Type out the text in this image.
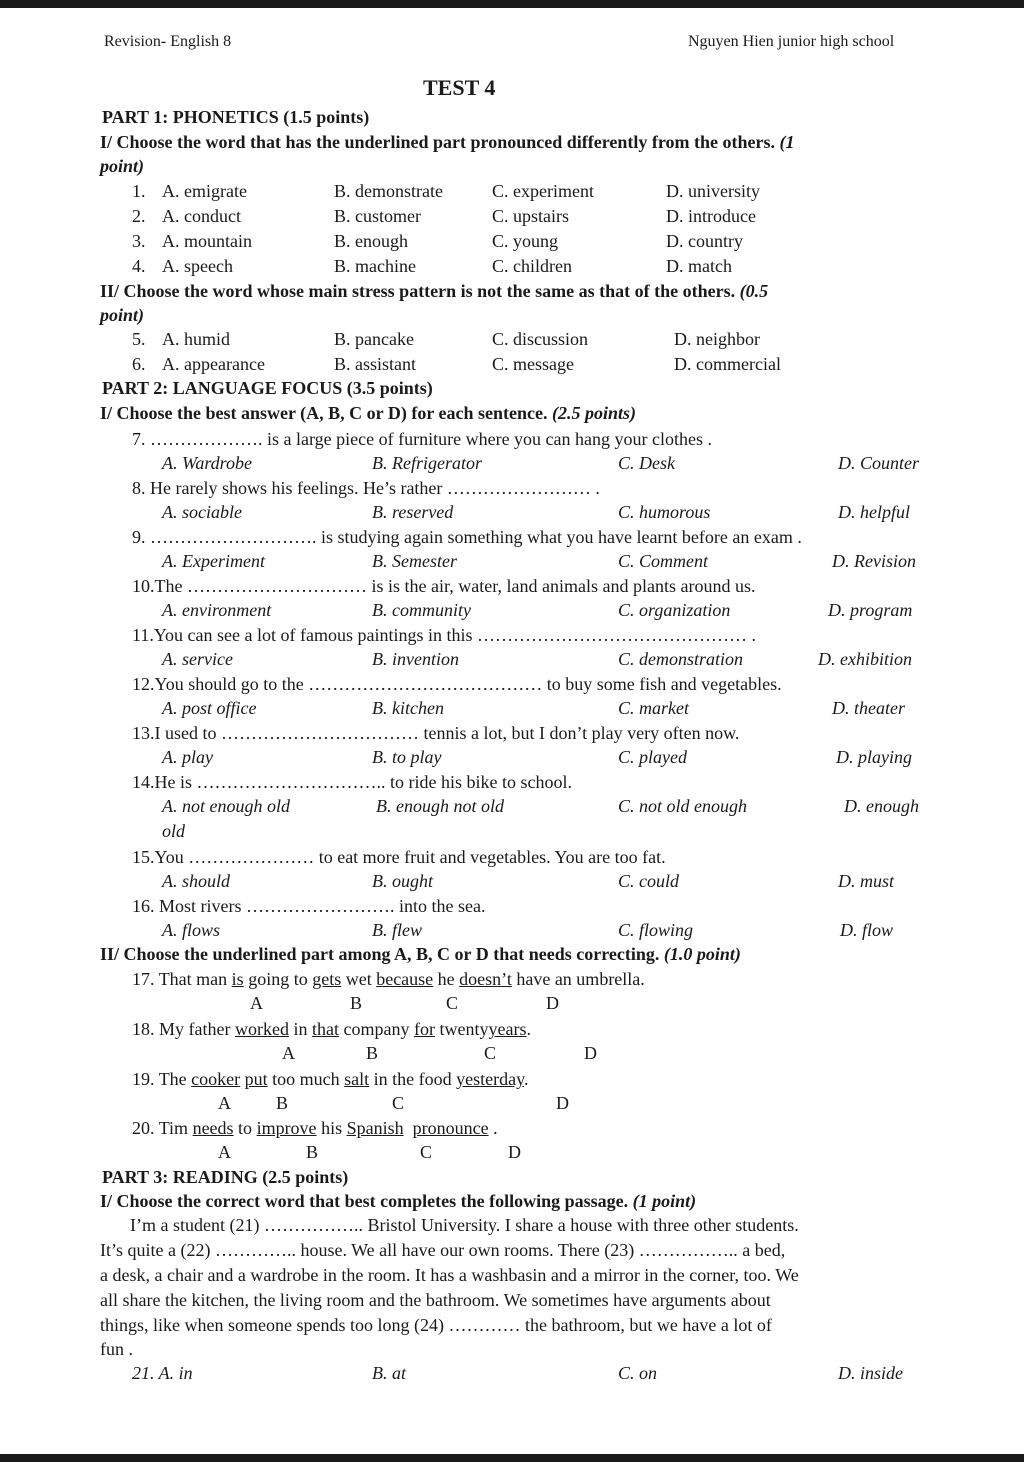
Revision- English 8	Nguyen Hien junior high school
TEST 4
PART 1: PHONETICS (1.5 points)
I/ Choose the word that has the underlined part pronounced differently from the others. (1
point)
1. A. emigrate	B. demonstrate	C. experiment	D. university
2. A. conduct	B. customer	C. upstairs	D. introduce
3. A. mountain	B. enough	C. young	D. country
4. A. speech	B. machine	C. children	D. match
II/ Choose the word whose main stress pattern is not the same as that of the others. (0.5
point)
5. A. humid	B. pancake	C. discussion	D. neighbor
6. A. appearance	B. assistant	C. message	D. commercial
PART 2: LANGUAGE FOCUS (3.5 points)
I/ Choose the best answer (A, B, C or D) for each sentence. (2.5 points)
7. ………………. is a large piece of furniture where you can hang your clothes .
A. Wardrobe	B. Refrigerator	C. Desk	D. Counter
8. He rarely shows his feelings. He’s rather …………………… .
A. sociable	B. reserved	C. humorous	D. helpful
9. ………………………. is studying again something what you have learnt before an exam .
A. Experiment	B. Semester	C. Comment	D. Revision
10.The ………………………… is is the air, water, land animals and plants around us.
A. environment	B. community	C. organization	D. program
11.You can see a lot of famous paintings in this ……………………………………… .
A. service	B. invention	C. demonstration	D. exhibition
12.You should go to the ………………………………… to buy some fish and vegetables.
A. post office	B. kitchen	C. market	D. theater
13.I used to …………………………… tennis a lot, but I don’t play very often now.
A. play	B. to play	C. played	D. playing
14.He is ………………………….. to ride his bike to school.
A. not enough old	B. enough not old	C. not old enough	D. enough
old
15.You ………………… to eat more fruit and vegetables. You are too fat.
A. should	B. ought	C. could	D. must
16. Most rivers ……………………. into the sea.
A. flows	B. flew	C. flowing	D. flow
II/ Choose the underlined part among A, B, C or D that needs correcting. (1.0 point)
17. That man is going to gets wet because he doesn’t have an umbrella.
A	B	C	D
18. My father worked in that company for twentyyears.
A	B	C	D
19. The cooker put too much salt in the food yesterday.
A	B	C	D
20. Tim needs to improve his Spanish pronounce .
A	B	C	D
PART 3: READING (2.5 points)
I/ Choose the correct word that best completes the following passage. (1 point)
I’m a student (21) …………….. Bristol University. I share a house with three other students.
It’s quite a (22) ………….. house. We all have our own rooms. There (23) …………….. a bed,
a desk, a chair and a wardrobe in the room. It has a washbasin and a mirror in the corner, too. We
all share the kitchen, the living room and the bathroom. We sometimes have arguments about
things, like when someone spends too long (24) ………… the bathroom, but we have a lot of
fun .
21. A. in	B. at	C. on	D. inside
